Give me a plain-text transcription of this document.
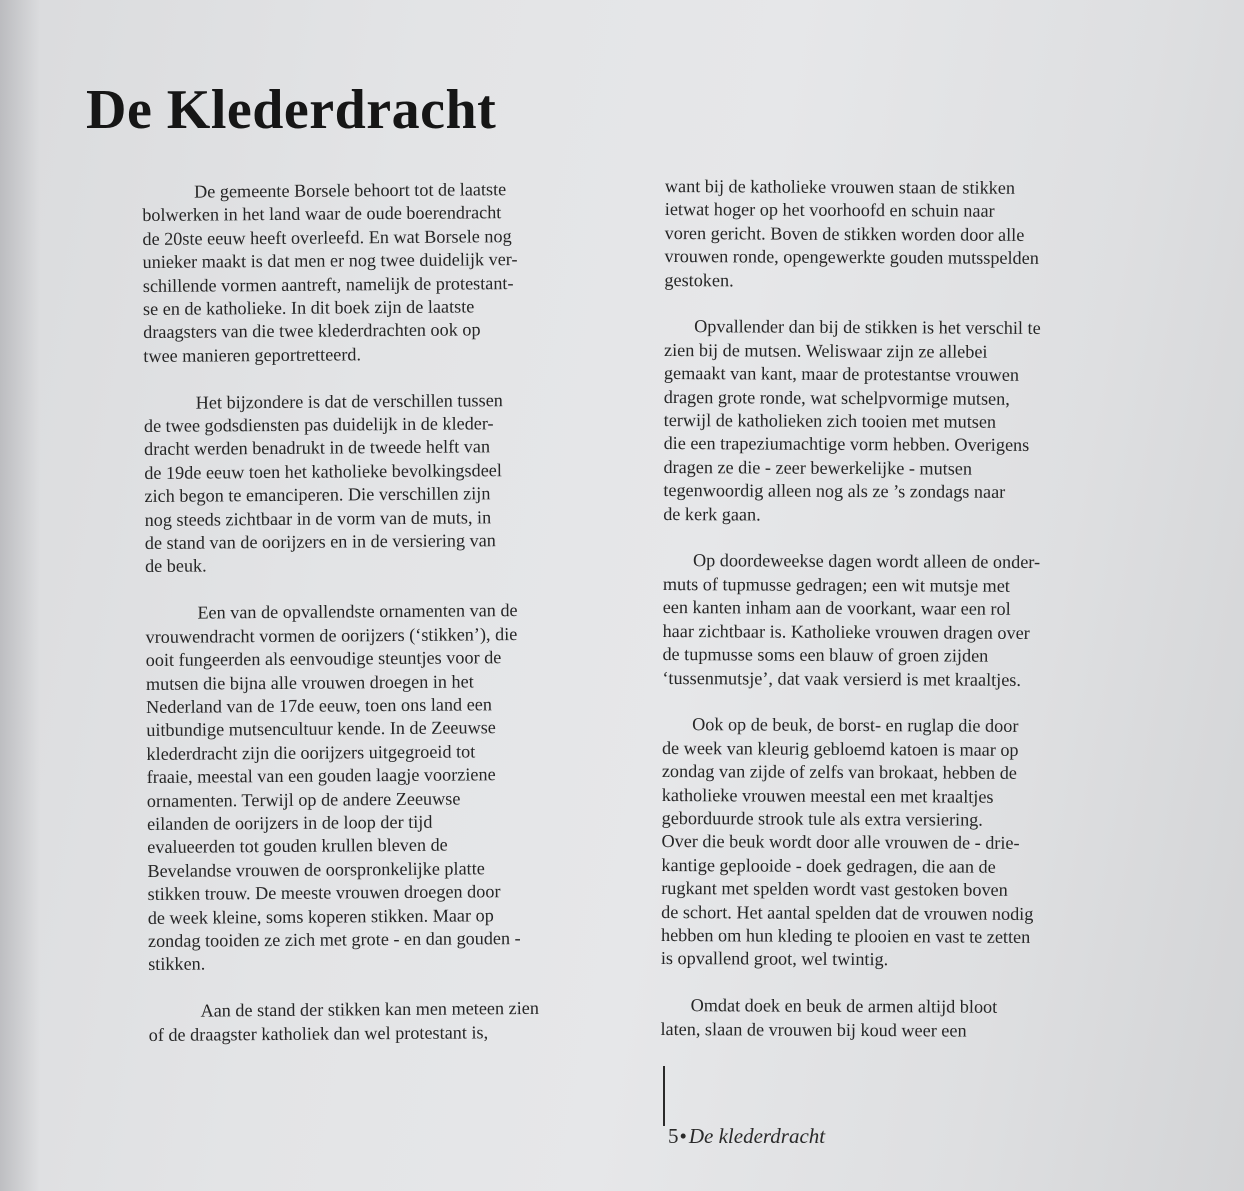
De Klederdracht

De gemeente Borsele behoort tot de laatste
bolwerken in het land waar de oude boerendracht
de 20ste eeuw heeft overleefd. En wat Borsele nog
unieker maakt is dat men er nog twee duidelijk ver-
schillende vormen aantreft, namelijk de protestant-
se en de katholieke. In dit boek zijn de laatste
draagsters van die twee klederdrachten ook op
twee manieren geportretteerd.

Het bijzondere is dat de verschillen tussen
de twee godsdiensten pas duidelijk in de kleder-
dracht werden benadrukt in de tweede helft van
de 19de eeuw toen het katholieke bevolkingsdeel
zich begon te emanciperen. Die verschillen zijn
nog steeds zichtbaar in de vorm van de muts, in
de stand van de oorijzers en in de versiering van
de beuk.

Een van de opvallendste ornamenten van de
vrouwendracht vormen de oorijzers (‘stikken’), die
ooit fungeerden als eenvoudige steuntjes voor de
mutsen die bijna alle vrouwen droegen in het
Nederland van de 17de eeuw, toen ons land een
uitbundige mutsencultuur kende. In de Zeeuwse
klederdracht zijn die oorijzers uitgegroeid tot
fraaie, meestal van een gouden laagje voorziene
ornamenten. Terwijl op de andere Zeeuwse
eilanden de oorijzers in de loop der tijd
evalueerden tot gouden krullen bleven de
Bevelandse vrouwen de oorspronkelijke platte
stikken trouw. De meeste vrouwen droegen door
de week kleine, soms koperen stikken. Maar op
zondag tooiden ze zich met grote - en dan gouden -
stikken.

Aan de stand der stikken kan men meteen zien
of de draagster katholiek dan wel protestant is,

want bij de katholieke vrouwen staan de stikken
ietwat hoger op het voorhoofd en schuin naar
voren gericht. Boven de stikken worden door alle
vrouwen ronde, opengewerkte gouden mutsspelden
gestoken.

Opvallender dan bij de stikken is het verschil te
zien bij de mutsen. Weliswaar zijn ze allebei
gemaakt van kant, maar de protestantse vrouwen
dragen grote ronde, wat schelpvormige mutsen,
terwijl de katholieken zich tooien met mutsen
die een trapeziumachtige vorm hebben. Overigens
dragen ze die - zeer bewerkelijke - mutsen
tegenwoordig alleen nog als ze ’s zondags naar
de kerk gaan.

Op doordeweekse dagen wordt alleen de onder-
muts of tupmusse gedragen; een wit mutsje met
een kanten inham aan de voorkant, waar een rol
haar zichtbaar is. Katholieke vrouwen dragen over
de tupmusse soms een blauw of groen zijden
‘tussenmutsje’, dat vaak versierd is met kraaltjes.

Ook op de beuk, de borst- en ruglap die door
de week van kleurig gebloemd katoen is maar op
zondag van zijde of zelfs van brokaat, hebben de
katholieke vrouwen meestal een met kraaltjes
geborduurde strook tule als extra versiering.
Over die beuk wordt door alle vrouwen de - drie-
kantige geplooide - doek gedragen, die aan de
rugkant met spelden wordt vast gestoken boven
de schort. Het aantal spelden dat de vrouwen nodig
hebben om hun kleding te plooien en vast te zetten
is opvallend groot, wel twintig.

Omdat doek en beuk de armen altijd bloot
laten, slaan de vrouwen bij koud weer een

5•De klederdracht
